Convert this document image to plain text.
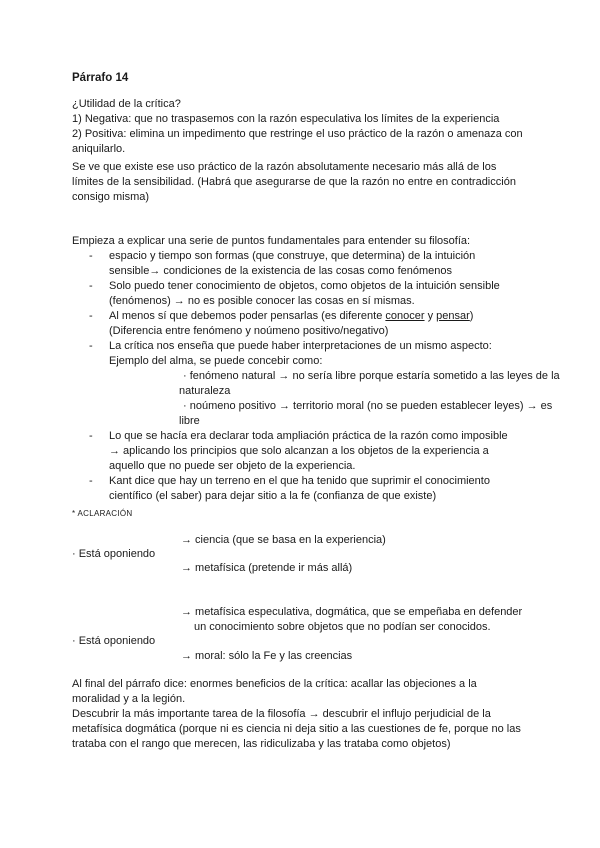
Párrafo 14
¿Utilidad de la crítica?
1) Negativa: que no traspasemos con la razón especulativa los límites de la experiencia
2) Positiva: elimina un impedimento que restringe el uso práctico de la razón o amenaza con
aniquilarlo.
Se ve que existe ese uso práctico de la razón absolutamente necesario más allá de los
límites de la sensibilidad. (Habrá que asegurarse de que la razón no entre en contradicción
consigo misma)
Empieza a explicar una serie de puntos fundamentales para entender su filosofía:
- espacio y tiempo son formas (que construye, que determina) de la intuición
sensible→ condiciones de la existencia de las cosas como fenómenos
- Solo puedo tener conocimiento de objetos, como objetos de la intuición sensible
(fenómenos) → no es posible conocer las cosas en sí mismas.
- Al menos sí que debemos poder pensarlas (es diferente conocer y pensar)
(Diferencia entre fenómeno y noúmeno positivo/negativo)
- La crítica nos enseña que puede haber interpretaciones de un mismo aspecto:
Ejemplo del alma, se puede concebir como:
· fenómeno natural → no sería libre porque estaría sometido a las leyes de la
naturaleza
· noúmeno positivo → territorio moral (no se pueden establecer leyes) → es
libre
- Lo que se hacía era declarar toda ampliación práctica de la razón como imposible
→ aplicando los principios que solo alcanzan a los objetos de la experiencia a
aquello que no puede ser objeto de la experiencia.
- Kant dice que hay un terreno en el que ha tenido que suprimir el conocimiento
científico (el saber) para dejar sitio a la fe (confianza de que existe)
* ACLARACIÓN
→ ciencia (que se basa en la experiencia)
· Está oponiendo
→ metafísica (pretende ir más allá)
→ metafísica especulativa, dogmática, que se empeñaba en defender
un conocimiento sobre objetos que no podían ser conocidos.
· Está oponiendo
→ moral: sólo la Fe y las creencias
Al final del párrafo dice: enormes beneficios de la crítica: acallar las objeciones a la
moralidad y a la legión.
Descubrir la más importante tarea de la filosofía → descubrir el influjo perjudicial de la
metafísica dogmática (porque ni es ciencia ni deja sitio a las cuestiones de fe, porque no las
trataba con el rango que merecen, las ridiculizaba y las trataba como objetos)
